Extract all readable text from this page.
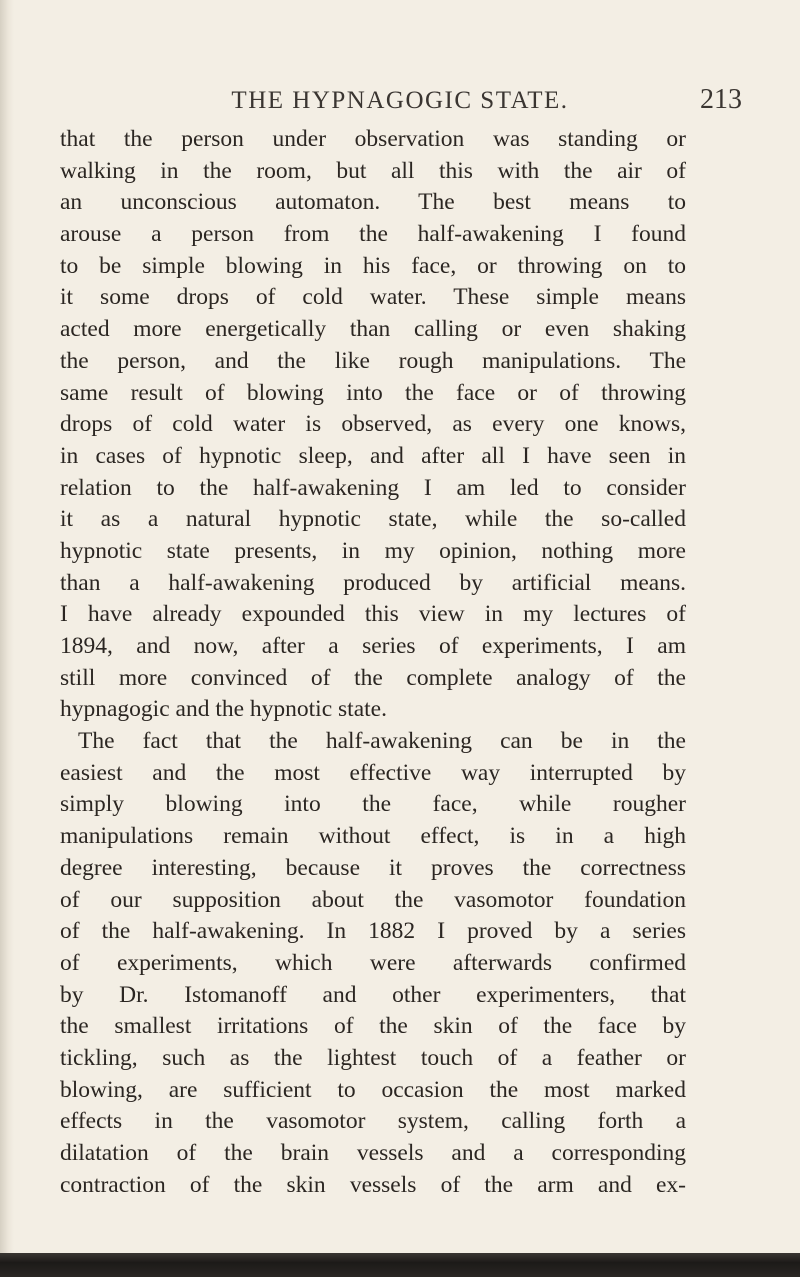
THE HYPNAGOGIC STATE.	213
that the person under observation was standing or
walking in the room, but all this with the air of
an unconscious automaton. The best means to
arouse a person from the half-awakening I found
to be simple blowing in his face, or throwing on to
it some drops of cold water. These simple means
acted more energetically than calling or even shaking
the person, and the like rough manipulations. The
same result of blowing into the face or of throwing
drops of cold water is observed, as every one knows,
in cases of hypnotic sleep, and after all I have seen in
relation to the half-awakening I am led to consider
it as a natural hypnotic state, while the so-called
hypnotic state presents, in my opinion, nothing more
than a half-awakening produced by artificial means.
I have already expounded this view in my lectures of
1894, and now, after a series of experiments, I am
still more convinced of the complete analogy of the
hypnagogic and the hypnotic state.
The fact that the half-awakening can be in the
easiest and the most effective way interrupted by
simply blowing into the face, while rougher
manipulations remain without effect, is in a high
degree interesting, because it proves the correctness
of our supposition about the vasomotor foundation
of the half-awakening. In 1882 I proved by a series
of experiments, which were afterwards confirmed
by Dr. Istomanoff and other experimenters, that
the smallest irritations of the skin of the face by
tickling, such as the lightest touch of a feather or
blowing, are sufficient to occasion the most marked
effects in the vasomotor system, calling forth a
dilatation of the brain vessels and a corresponding
contraction of the skin vessels of the arm and ex-
